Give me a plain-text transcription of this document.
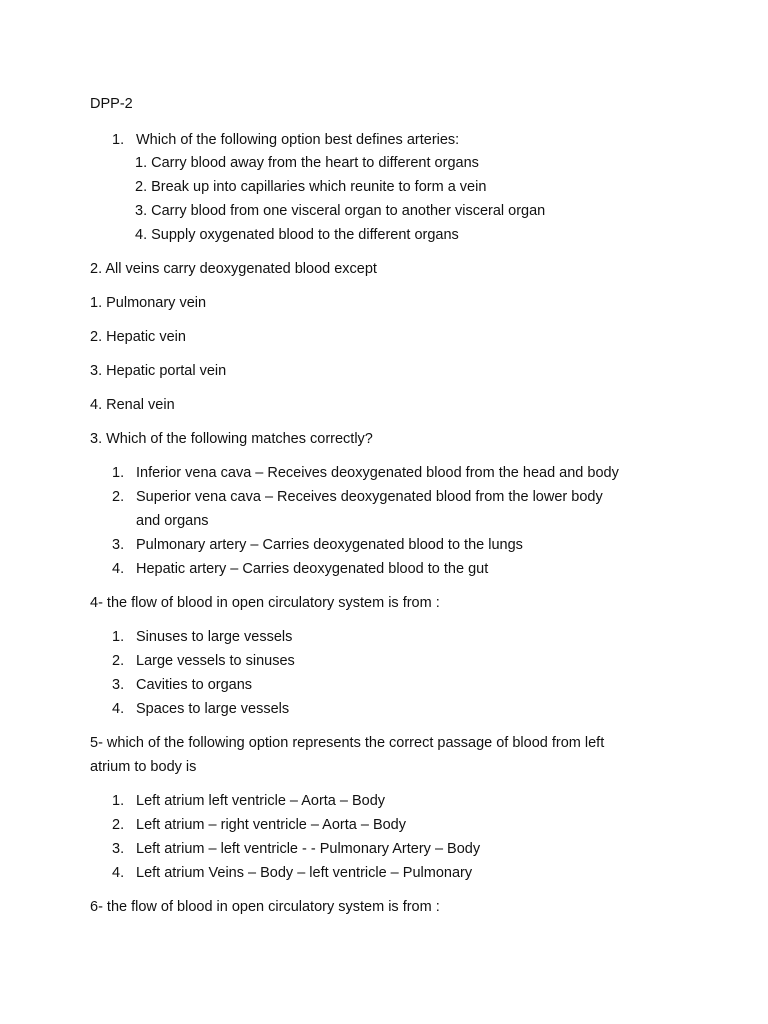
DPP-2
1. Which of the following option best defines arteries:
1. Carry blood away from the heart to different organs
2. Break up into capillaries which reunite to form a vein
3. Carry blood from one visceral organ to another visceral organ
4. Supply oxygenated blood to the different organs
2. All veins carry deoxygenated blood except
1. Pulmonary vein
2. Hepatic vein
3. Hepatic portal vein
4. Renal vein
3. Which of the following matches correctly?
1. Inferior vena cava – Receives deoxygenated blood from the head and body
2. Superior vena cava – Receives deoxygenated blood from the lower body
and organs
3. Pulmonary artery – Carries deoxygenated blood to the lungs
4. Hepatic artery – Carries deoxygenated blood to the gut
4- the flow of blood in open circulatory system is from :
1. Sinuses to large vessels
2. Large vessels to sinuses
3. Cavities to organs
4. Spaces to large vessels
5- which of the following option represents the correct passage of blood from left
atrium to body is
1. Left atrium left ventricle – Aorta – Body
2. Left atrium – right ventricle – Aorta – Body
3. Left atrium – left ventricle - - Pulmonary Artery – Body
4. Left atrium Veins – Body – left ventricle – Pulmonary
6- the flow of blood in open circulatory system is from :
